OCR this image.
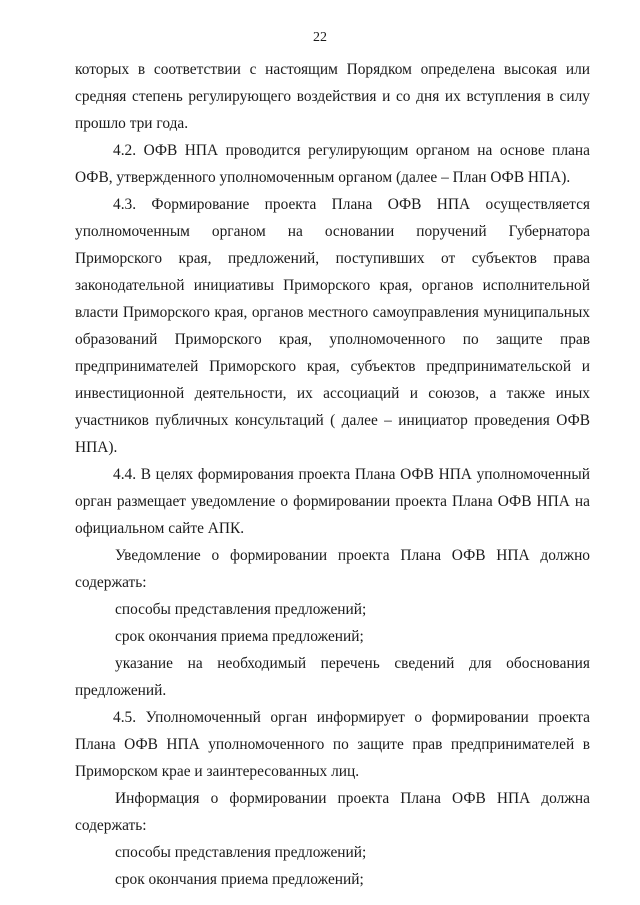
22

которых в соответствии с настоящим Порядком определена высокая или средняя степень регулирующего воздействия и со дня их вступления в силу прошло три года.

4.2. ОФВ НПА проводится регулирующим органом на основе плана ОФВ, утвержденного уполномоченным органом (далее – План ОФВ НПА).

4.3. Формирование проекта Плана ОФВ НПА осуществляется уполномоченным органом на основании поручений Губернатора Приморского края, предложений, поступивших от субъектов права законодательной инициативы Приморского края, органов исполнительной власти Приморского края, органов местного самоуправления муниципальных образований Приморского края, уполномоченного по защите прав предпринимателей Приморского края, субъектов предпринимательской и инвестиционной деятельности, их ассоциаций и союзов, а также иных участников публичных консультаций ( далее – инициатор проведения ОФВ НПА).

4.4. В целях формирования проекта Плана ОФВ НПА уполномоченный орган размещает уведомление о формировании проекта Плана ОФВ НПА на официальном сайте АПК.

Уведомление о формировании проекта Плана ОФВ НПА должно содержать:

способы представления предложений;

срок окончания приема предложений;

указание на необходимый перечень сведений для обоснования предложений.

4.5. Уполномоченный орган информирует о формировании проекта Плана ОФВ НПА уполномоченного по защите прав предпринимателей в Приморском крае и заинтересованных лиц.

Информация о формировании проекта Плана ОФВ НПА должна содержать:

способы представления предложений;

срок окончания приема предложений;
